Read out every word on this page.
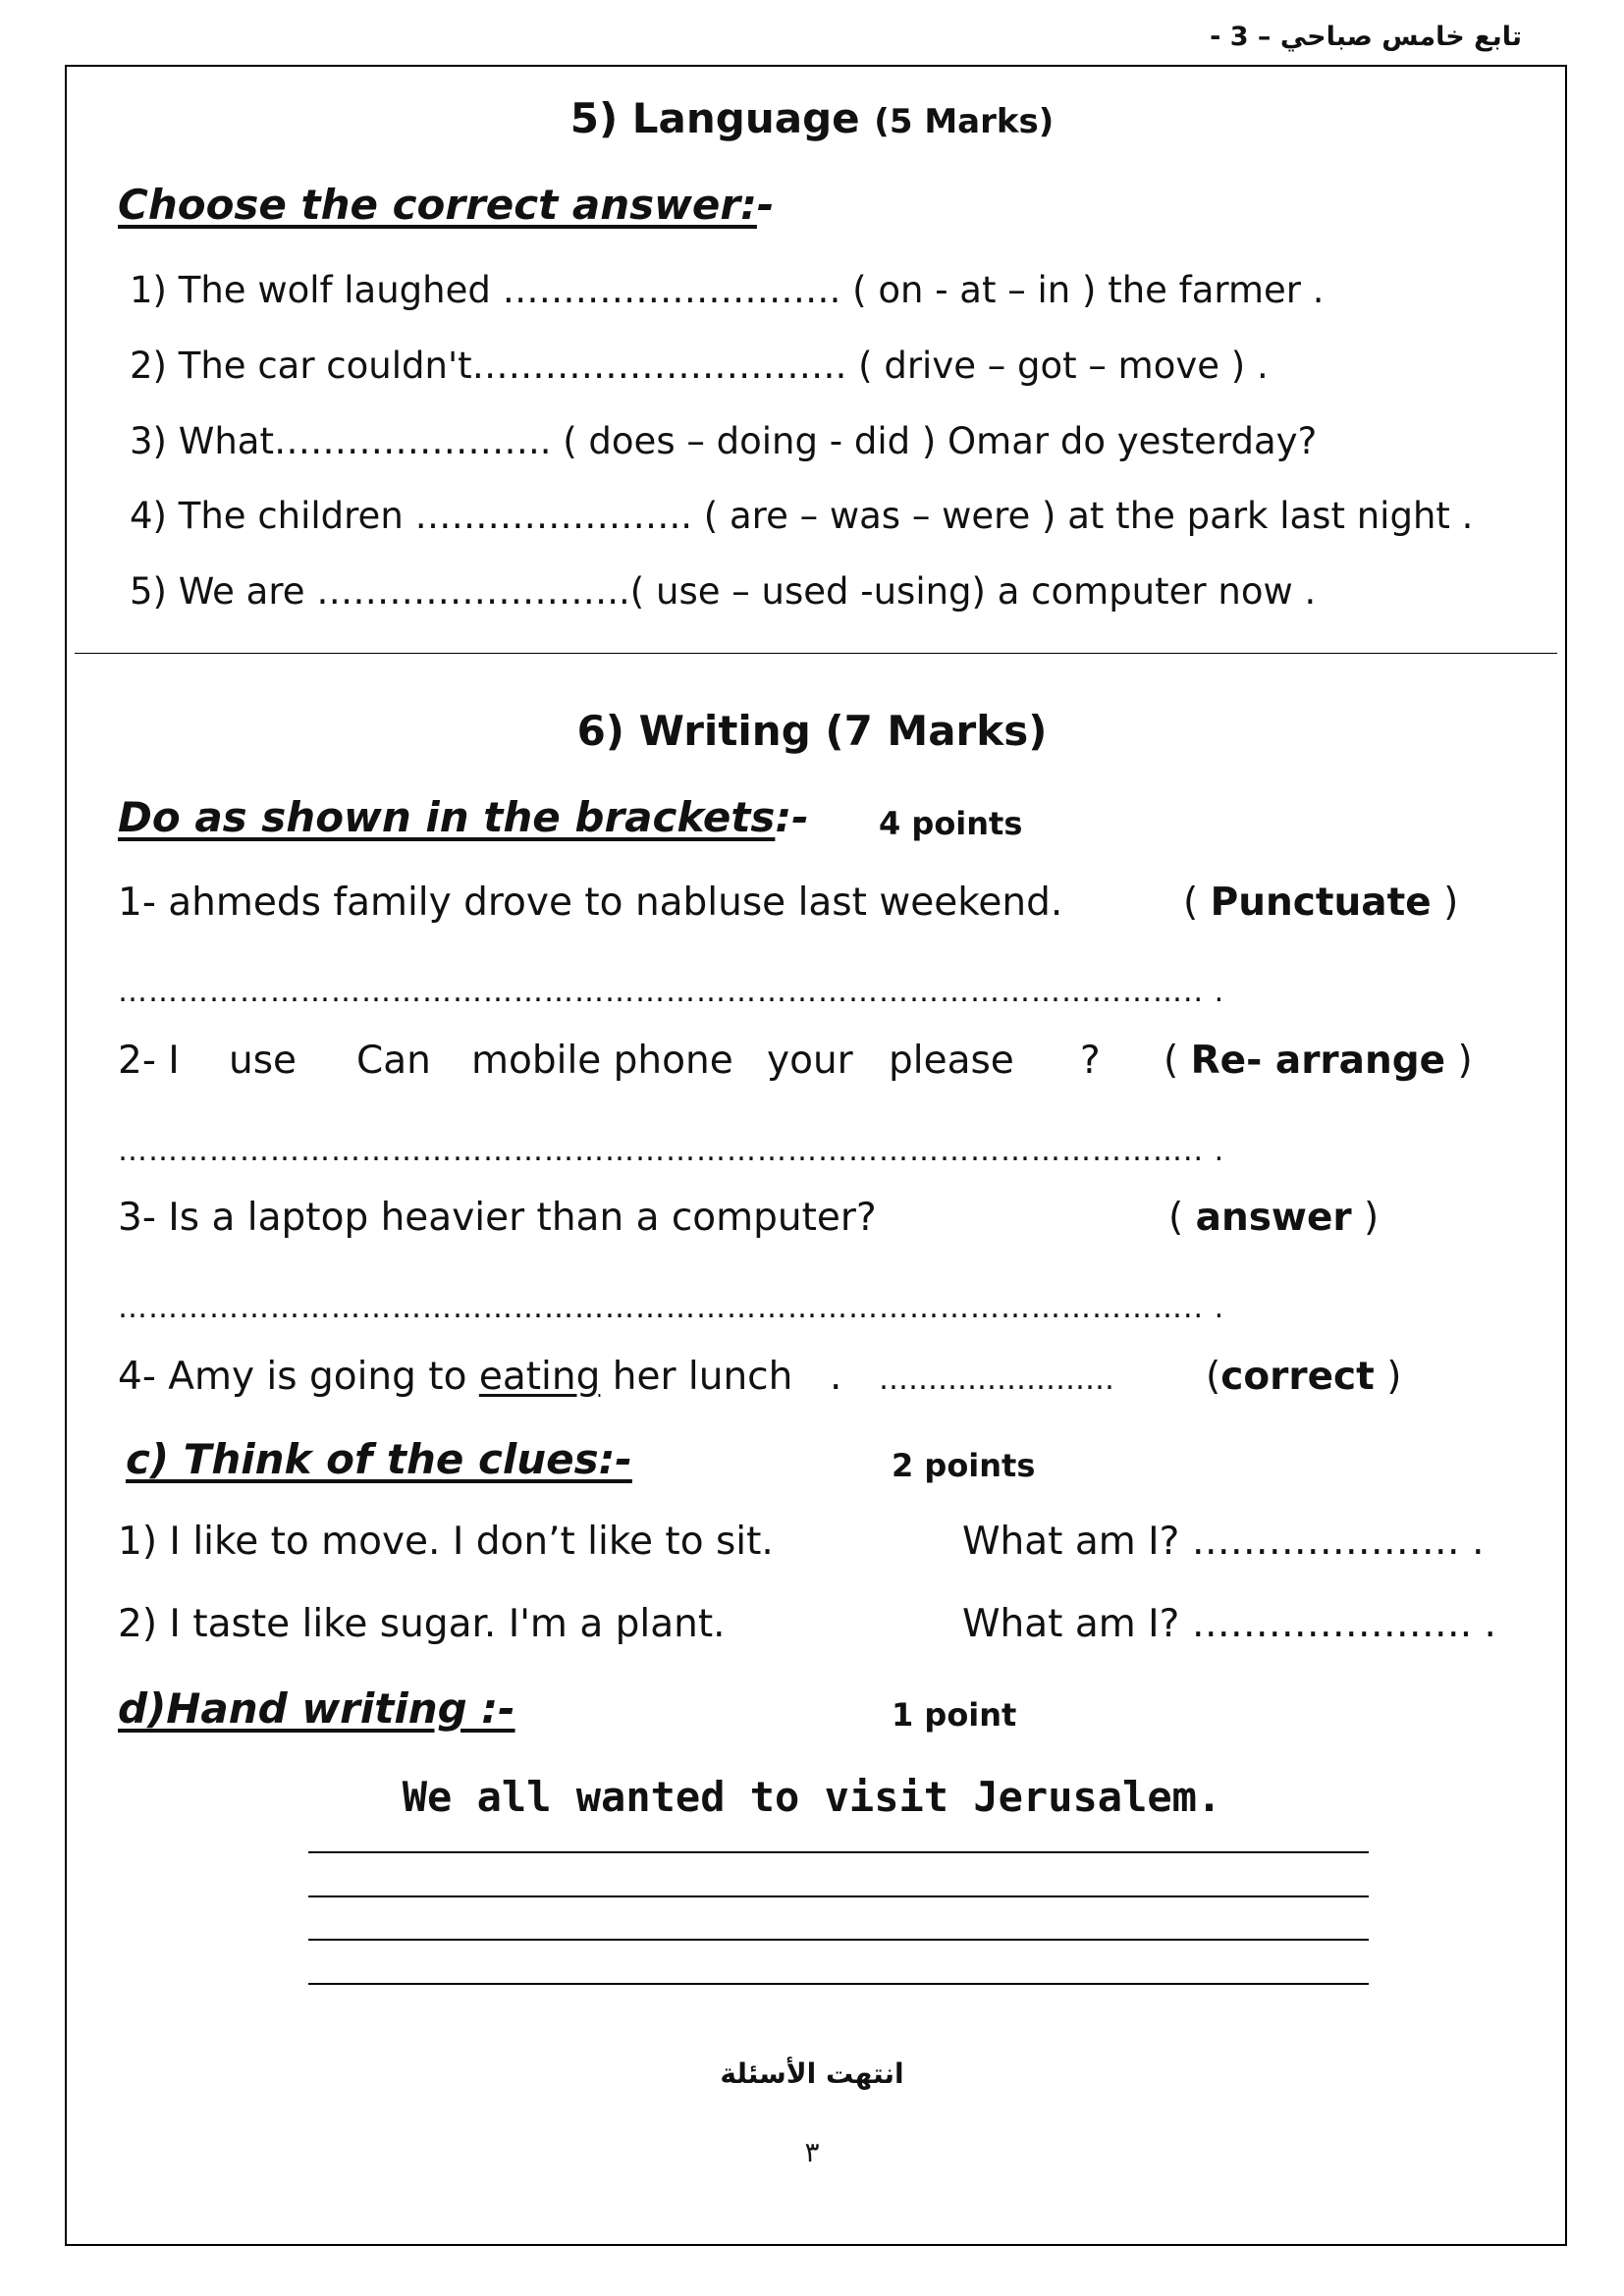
تابع خامس صباحي – 3 -
5) Language (5 Marks)
Choose the correct answer:-
1) The wolf laughed ………………………. ( on - at – in ) the farmer .
2) The car couldn't…………………………. ( drive – got – move ) .
3) What………………….. ( does – doing - did ) Omar do yesterday?
4) The children ………………….. ( are – was – were ) at the park last night .
5) We are ……………………..( use – used -using) a computer now .
6) Writing (7 Marks)
Do as shown in the brackets:- 4 points
1- ahmeds family drove to nabluse last weekend.	( Punctuate )
…………………………………………………………………………………………….. .
2- I use Can mobile phone your please ? ( Re- arrange )
…………………………………………………………………………………………….. .
3- Is a laptop heavier than a computer?	( answer )
…………………………………………………………………………………………….. .
4- Amy is going to eating her lunch . …………………… (correct )
c) Think of the clues:-	2 points
1) I like to move. I don’t like to sit.	What am I? ………………… .
2) I taste like sugar. I'm a plant.	What am I? …………………. .
d)Hand writing :-	1 point
We all wanted to visit Jerusalem.
انتهت الأسئلة
٣
